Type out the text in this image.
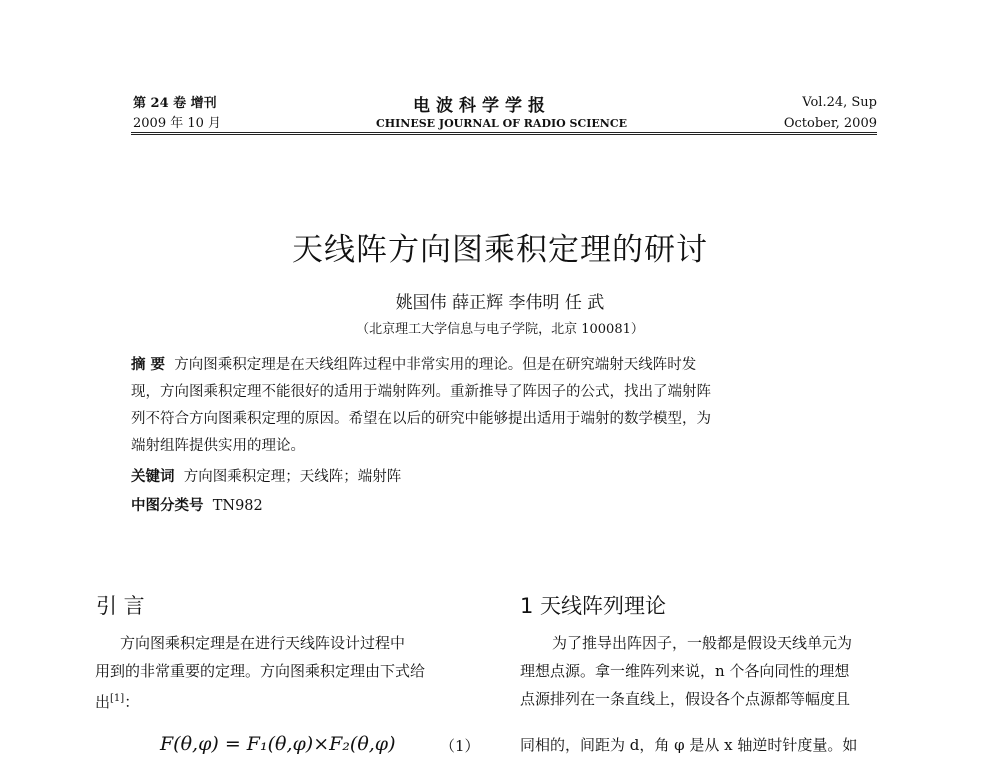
第 24 卷 增刊
2009 年 10 月
电波科学学报
CHINESE JOURNAL OF RADIO SCIENCE
Vol.24, Sup
October, 2009
天线阵方向图乘积定理的研讨
姚国伟 薛正辉 李伟明 任 武
（北京理工大学信息与电子学院，北京 100081）
摘 要 方向图乘积定理是在天线组阵过程中非常实用的理论。但是在研究端射天线阵时发
现，方向图乘积定理不能很好的适用于端射阵列。重新推导了阵因子的公式，找出了端射阵
列不符合方向图乘积定理的原因。希望在以后的研究中能够提出适用于端射的数学模型，为
端射组阵提供实用的理论。
关键词 方向图乘积定理；天线阵；端射阵
中图分类号 TN982
引 言
方向图乘积定理是在进行天线阵设计过程中
用到的非常重要的定理。方向图乘积定理由下式给
出[1]：
F(θ,φ) = F₁(θ,φ)×F₂(θ,φ)	（1）
1 天线阵列理论
为了推导出阵因子，一般都是假设天线单元为
理想点源。拿一维阵列来说，n 个各向同性的理想
点源排列在一条直线上，假设各个点源都等幅度且
同相的，间距为 d，角 φ 是从 x 轴逆时针度量。如
